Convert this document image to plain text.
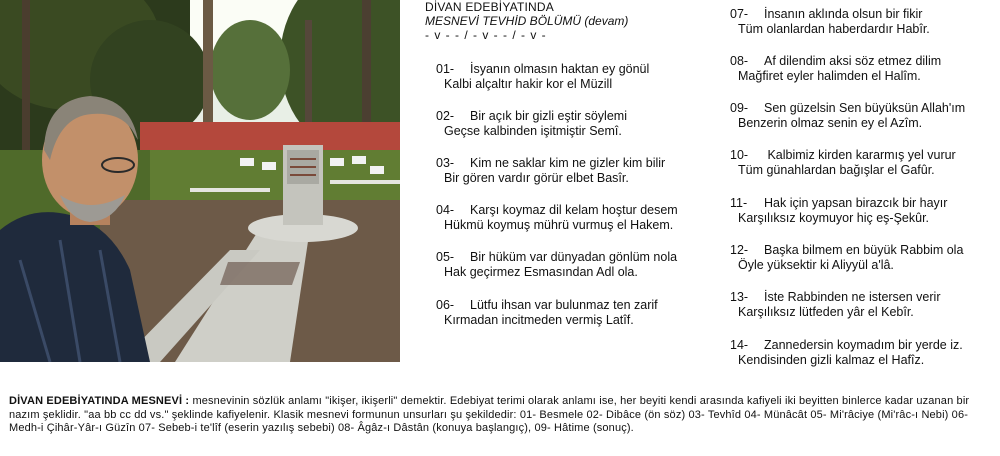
DİVAN EDEBİYATINDA
MESNEVİ TEVHİD BÖLÜMÜ (devam)
- v - - / - v - - / - v -
01- İsyanın olmasın haktan ey gönül
Kalbi alçaltır hakir kor el Müzill
02- Bir açık bir gizli eştir söylemi
Geçse kalbinden işitmiştir Semî.
03- Kim ne saklar kim ne gizler kim bilir
Bir gören vardır görür elbet Basîr.
04- Karşı koymaz dil kelam hoştur desem
Hükmü koymuş mührü vurmuş el Hakem.
05- Bir hüküm var dünyadan gönlüm nola
Hak geçirmez Esmasından Adl ola.
06- Lütfu ihsan var bulunmaz ten zarif
Kırmadan incitmeden vermiş Latîf.
07- İnsanın aklında olsun bir fikir
Tüm olanlardan haberdardır Habîr.
08- Af dilendim aksi söz etmez dilim
Mağfiret eyler halimden el Halîm.
09- Sen güzelsin Sen büyüksün Allah'ım
Benzerin olmaz senin ey el Azîm.
10- Kalbimiz kirden kararmış yel vurur
Tüm günahlardan bağışlar el Gafûr.
11- Hak için yapsan birazcık bir hayır
Karşılıksız koymuyor hiç eş-Şekûr.
12- Başka bilmem en büyük Rabbim ola
Öyle yüksektir ki Aliyyül a'lâ.
13- İste Rabbinden ne istersen verir
Karşılıksız lütfeden yâr el Kebîr.
14- Zannedersin koymadım bir yerde iz.
Kendisinden gizli kalmaz el Hafîz.
DİVAN EDEBİYATINDA MESNEVİ : mesnevinin sözlük anlamı "ikişer, ikişerli" demektir. Edebiyat terimi olarak anlamı ise, her beyiti kendi arasında kafiyeli iki beyitten binlerce kadar uzanan bir nazım şeklidir. "aa bb cc dd vs." şeklinde kafiyelenir. Klasik mesnevi formunun unsurları şu şekildedir: 01- Besmele 02- Dibâce (ön söz) 03- Tevhîd 04- Münâcât 05- Mi'râciye (Mi'râc-ı Nebi) 06- Medh-i Çihâr-Yâr-ı Güzîn 07- Sebeb-i te'lîf (eserin yazılış sebebi) 08- Âgâz-ı Dâstân (konuya başlangıç), 09- Hâtime (sonuç).
